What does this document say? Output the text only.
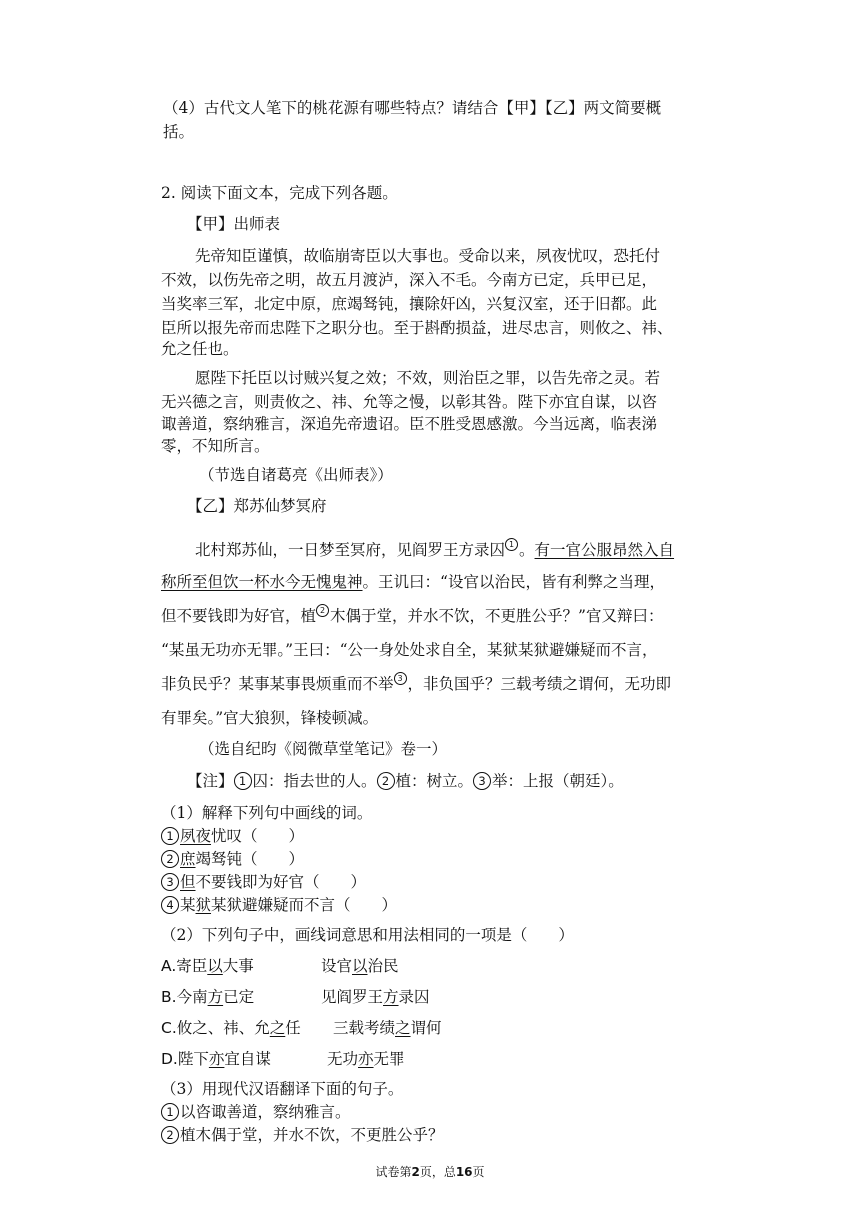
（4）古代文人笔下的桃花源有哪些特点？请结合【甲】【乙】两文简要概
括。
2. 阅读下面文本，完成下列各题。
【甲】出师表
先帝知臣谨慎，故临崩寄臣以大事也。受命以来，夙夜忧叹，恐托付
不效，以伤先帝之明，故五月渡泸，深入不毛。今南方已定，兵甲已足，
当奖率三军，北定中原，庶竭驽钝，攘除奸凶，兴复汉室，还于旧都。此
臣所以报先帝而忠陛下之职分也。至于斟酌损益，进尽忠言，则攸之、祎、
允之任也。
愿陛下托臣以讨贼兴复之效；不效，则治臣之罪，以告先帝之灵。若
无兴德之言，则责攸之、祎、允等之慢，以彰其咎。陛下亦宜自谋，以咨
诹善道，察纳雅言，深追先帝遗诏。臣不胜受恩感激。今当远离，临表涕
零，不知所言。
（节选自诸葛亮《出师表》）
【乙】郑苏仙梦冥府
北村郑苏仙，一日梦至冥府，见阎罗王方录囚 $^1$ 。有一官公服昂然入自
称所至但饮一杯水今无愧鬼神。王讥曰：“设官以治民，皆有利弊之当理，
但不要钱即为好官，植 $^2$ 木偶于堂，并水不饮，不更胜公乎？”官又辩曰：
“某虽无功亦无罪。”王曰：“公一身处处求自全，某狱某狱避嫌疑而不言，
非负民乎？某事某事畏烦重而不举 $^3$ ，非负国乎？三载考绩之谓何，无功即
有罪矣。”官大狼狈，锋棱顿减。
（选自纪昀《阅微草堂笔记》卷一）
【注】 1 囚：指去世的人。 2 植：树立。 3 举：上报（朝廷）。
（1）解释下列句中画线的词。
1 夙夜忧叹（　　）
2 庶竭驽钝（　　）
3 但不要钱即为好官（　　）
4 某狱某狱避嫌疑而不言（　　）
（2）下列句子中，画线词意思和用法相同的一项是（　　）
A.寄臣以大事	设官以治民
B.今南方已定	见阎罗王方录囚
C.攸之、祎、允之任 三载考绩之谓何
D.陛下亦宜自谋	无功亦无罪
（3）用现代汉语翻译下面的句子。
1 以咨诹善道，察纳雅言。
2 植木偶于堂，并水不饮，不更胜公乎？
试卷第2页，总16页
